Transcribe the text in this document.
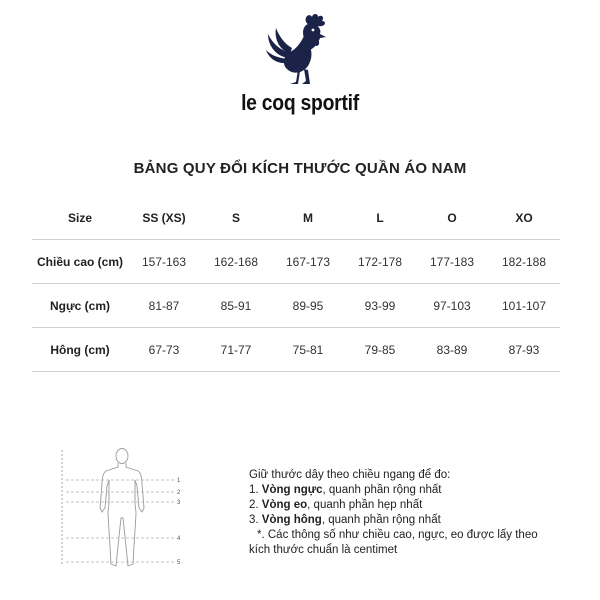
le coq sportif
BẢNG QUY ĐỔI KÍCH THƯỚC QUẦN ÁO NAM
Size	SS (XS)	S	M	L	O	XO
Chiều cao (cm)	157-163	162-168	167-173	172-178	177-183	182-188
Ngực (cm)	81-87	85-91	89-95	93-99	97-103	101-107
Hông (cm)	67-73	71-77	75-81	79-85	83-89	87-93
1
2
3
4
5
Giữ thước dây theo chiều ngang để đo:
1. Vòng ngực, quanh phần rộng nhất
2. Vòng eo, quanh phần hẹp nhất
3. Vòng hông, quanh phần rộng nhất
*. Các thông số như chiều cao, ngực, eo được lấy theo
kích thước chuẩn là centimet
